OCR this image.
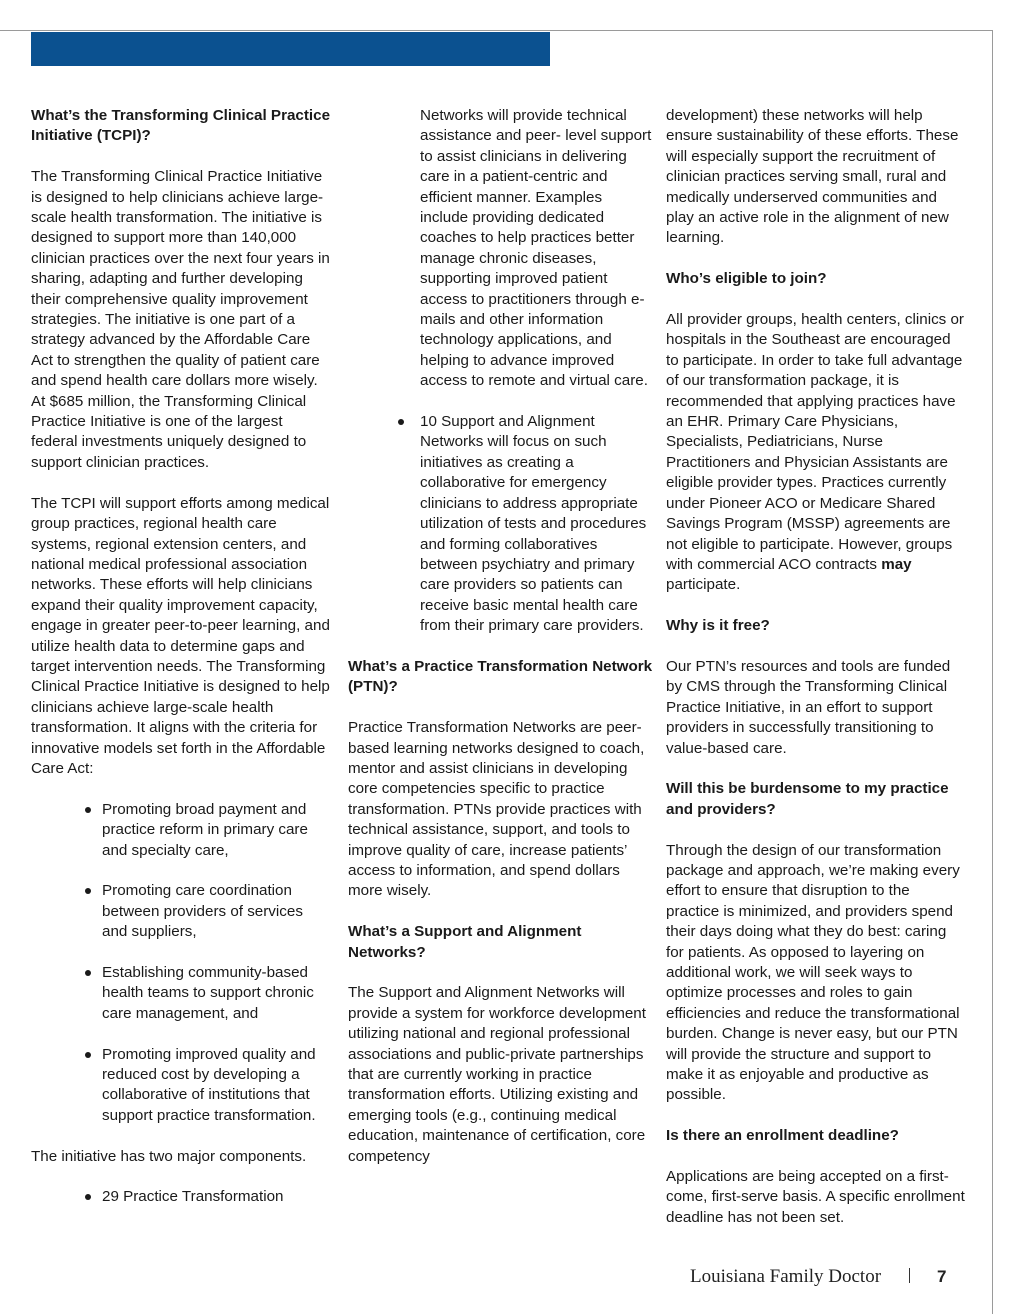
What’s the Transforming Clinical Practice Initiative (TCPI)?

The Transforming Clinical Practice Initiative is designed to help clinicians achieve large-scale health transformation. The initiative is designed to support more than 140,000 clinician practices over the next four years in sharing, adapting and further developing their comprehensive quality improvement strategies. The initiative is one part of a strategy advanced by the Affordable Care Act to strengthen the quality of patient care and spend health care dollars more wisely. At $685 million, the Transforming Clinical Practice Initiative is one of the largest federal investments uniquely designed to support clinician practices.

The TCPI will support efforts among medical group practices, regional health care systems, regional extension centers, and national medical professional association networks. These efforts will help clinicians expand their quality improvement capacity, engage in greater peer-to-peer learning, and utilize health data to determine gaps and target intervention needs. The Transforming Clinical Practice Initiative is designed to help clinicians achieve large-scale health transformation. It aligns with the criteria for innovative models set forth in the Affordable Care Act:

Promoting broad payment and practice reform in primary care and specialty care,
Promoting care coordination between providers of services and suppliers,
Establishing community-based health teams to support chronic care management, and
Promoting improved quality and reduced cost by developing a collaborative of institutions that support practice transformation.

The initiative has two major components.

29 Practice Transformation

Networks will provide technical assistance and peer- level support to assist clinicians in delivering care in a patient-centric and efficient manner. Examples include providing dedicated coaches to help practices better manage chronic diseases, supporting improved patient access to practitioners through e-mails and other information technology applications, and helping to advance improved access to remote and virtual care.

10 Support and Alignment Networks will focus on such initiatives as creating a collaborative for emergency clinicians to address appropriate utilization of tests and procedures and forming collaboratives between psychiatry and primary care providers so patients can receive basic mental health care from their primary care providers.
What’s a Practice Transformation Network (PTN)?

Practice Transformation Networks are peer-based learning networks designed to coach, mentor and assist clinicians in developing core competencies specific to practice transformation. PTNs provide practices with technical assistance, support, and tools to improve quality of care, increase patients’ access to information, and spend dollars more wisely.

What’s a Support and Alignment Networks?

The Support and Alignment Networks will provide a system for workforce development utilizing national and regional professional associations and public-private partnerships that are currently working in practice transformation efforts. Utilizing existing and emerging tools (e.g., continuing medical education, maintenance of certification, core competency

development) these networks will help ensure sustainability of these efforts. These will especially support the recruitment of clinician practices serving small, rural and medically underserved communities and play an active role in the alignment of new learning.

Who’s eligible to join?

All provider groups, health centers, clinics or hospitals in the Southeast are encouraged to participate. In order to take full advantage of our transformation package, it is recommended that applying practices have an EHR. Primary Care Physicians, Specialists, Pediatricians, Nurse Practitioners and Physician Assistants are eligible provider types. Practices currently under Pioneer ACO or Medicare Shared Savings Program (MSSP) agreements are not eligible to participate. However, groups with commercial ACO contracts may participate.

Why is it free?

Our PTN’s resources and tools are funded by CMS through the Transforming Clinical Practice Initiative, in an effort to support providers in successfully transitioning to value-based care.

Will this be burdensome to my practice and providers?

Through the design of our transformation package and approach, we’re making every effort to ensure that disruption to the practice is minimized, and providers spend their days doing what they do best: caring for patients. As opposed to layering on additional work, we will seek ways to optimize processes and roles to gain efficiencies and reduce the transformational burden. Change is never easy, but our PTN will provide the structure and support to make it as enjoyable and productive as possible.

Is there an enrollment deadline?

Applications are being accepted on a first-come, first-serve basis. A specific enrollment deadline has not been set.

Louisiana Family Doctor	7
